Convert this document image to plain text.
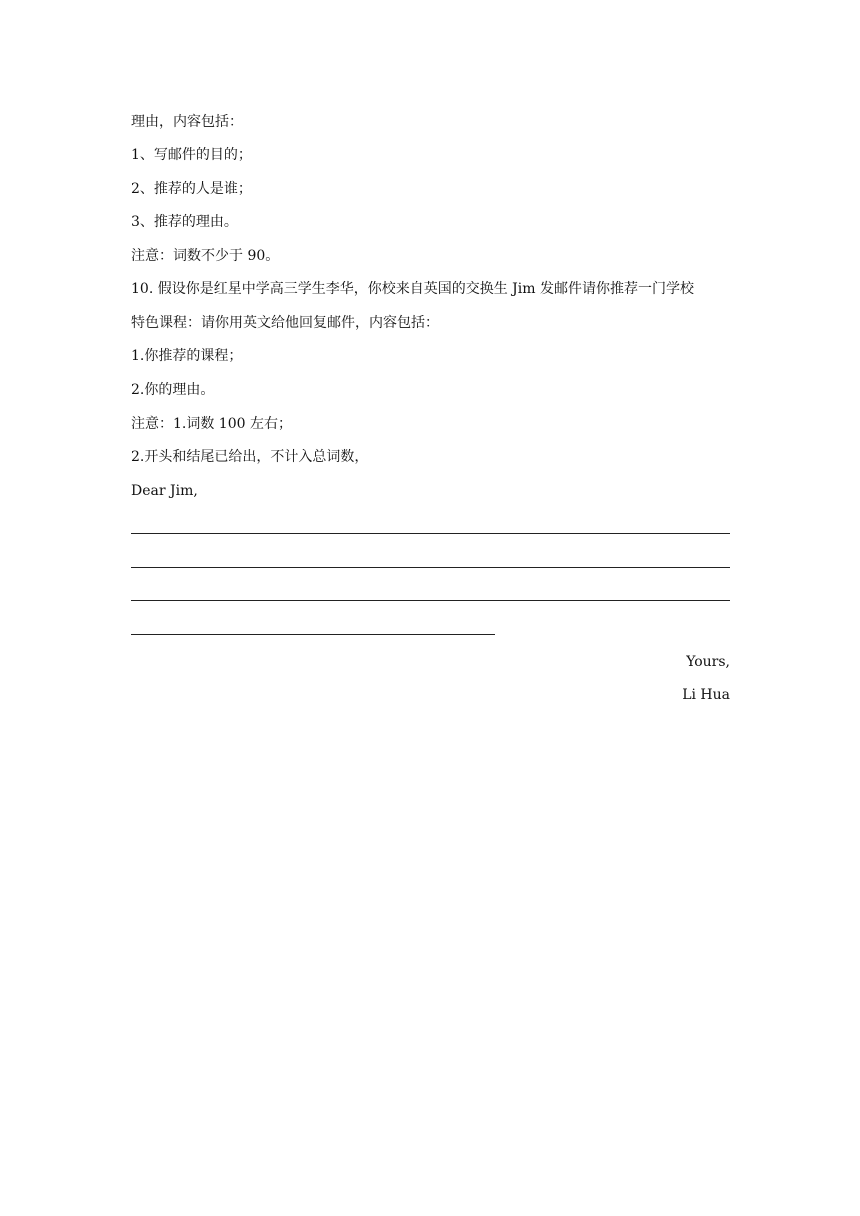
理由，内容包括：
1、写邮件的目的；
2、推荐的人是谁；
3、推荐的理由。
注意：词数不少于 90。
10. 假设你是红星中学高三学生李华，你校来自英国的交换生 Jim 发邮件请你推荐一门学校
特色课程：请你用英文给他回复邮件，内容包括：
1.你推荐的课程；
2.你的理由。
注意：1.词数 100 左右；
2.开头和结尾已给出，不计入总词数，
Dear Jim,
Yours,
Li Hua
